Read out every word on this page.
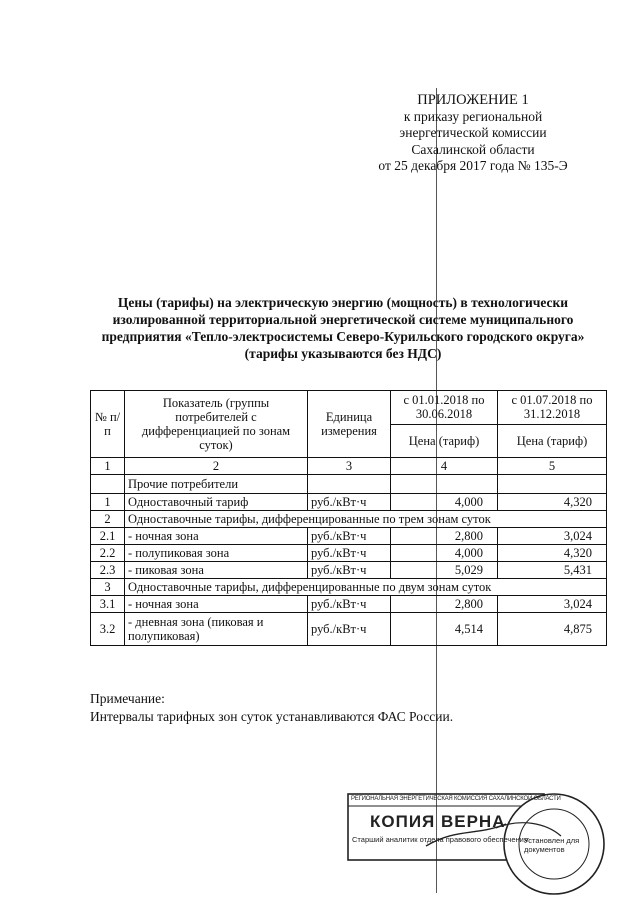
ПРИЛОЖЕНИЕ 1
к приказу региональной
энергетической комиссии
Сахалинской области
от 25 декабря 2017 года № 135-Э
Цены (тарифы) на электрическую энергию (мощность) в технологически изолированной территориальной энергетической системе муниципального предприятия «Тепло-электросистемы Северо-Курильского городского округа» (тарифы указываются без НДС)
№ п/п	Показатель (группы потребителей с дифференциацией по зонам суток)	Единица измерения	с 01.01.2018 по 30.06.2018	с 01.07.2018 по 31.12.2018
			Цена (тариф)	Цена (тариф)
1	2	3	4	5
	Прочие потребители			
1	Одноставочный тариф	руб./кВт·ч	4,000	4,320
2	Одноставочные тарифы, дифференцированные по трем зонам суток			
2.1	- ночная зона	руб./кВт·ч	2,800	3,024
2.2	- полупиковая зона	руб./кВт·ч	4,000	4,320
2.3	- пиковая зона	руб./кВт·ч	5,029	5,431
3	Одноставочные тарифы, дифференцированные по двум зонам суток			
3.1	- ночная зона	руб./кВт·ч	2,800	3,024
3.2	- дневная зона (пиковая и полупиковая)	руб./кВт·ч	4,514	4,875
Примечание:
Интервалы тарифных зон суток устанавливаются ФАС России.
РЕГИОНАЛЬНАЯ ЭНЕРГЕТИЧЕСКАЯ КОМИССИЯ САХАЛИНСКОЙ ОБЛАСТИ
КОПИЯ ВЕРНА
Старший аналитик отдела правового обеспечения
Установлен для документов
